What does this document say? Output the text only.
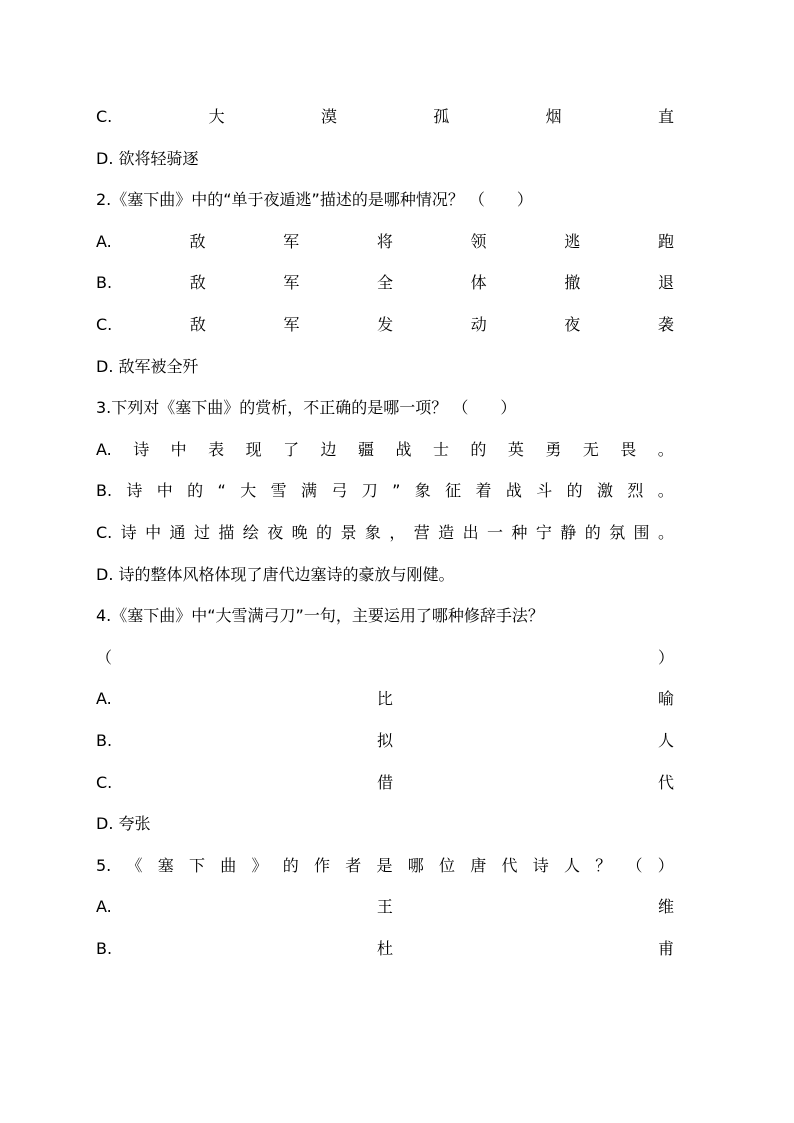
C.	大	漠	孤	烟	直
D. 欲将轻骑逐
2.《塞下曲》中的“单于夜遁逃”描述的是哪种情况？ （　　）
A.	敌	军	将	领	逃	跑
B.	敌	军	全	体	撤	退
C.	敌	军	发	动	夜	袭
D. 敌军被全歼
3.下列对《塞下曲》的赏析，不正确的是哪一项？ （　　）
A. 诗 中 表 现 了 边 疆 战 士 的 英 勇 无 畏 。
B. 诗 中 的 “ 大 雪 满 弓 刀 ” 象 征 着 战 斗 的 激 烈 。
C. 诗 中 通 过 描 绘 夜 晚 的 景 象 ， 营 造 出 一 种 宁 静 的 氛 围 。
D. 诗的整体风格体现了唐代边塞诗的豪放与刚健。
4.《塞下曲》中“大雪满弓刀”一句，主要运用了哪种修辞手法？
（	）
A.	比	喻
B.	拟	人
C.	借	代
D. 夸张
5. 《 塞 下 曲 》 的 作 者 是 哪 位 唐 代 诗 人 ？ （ ）
A.	王	维
B.	杜	甫
